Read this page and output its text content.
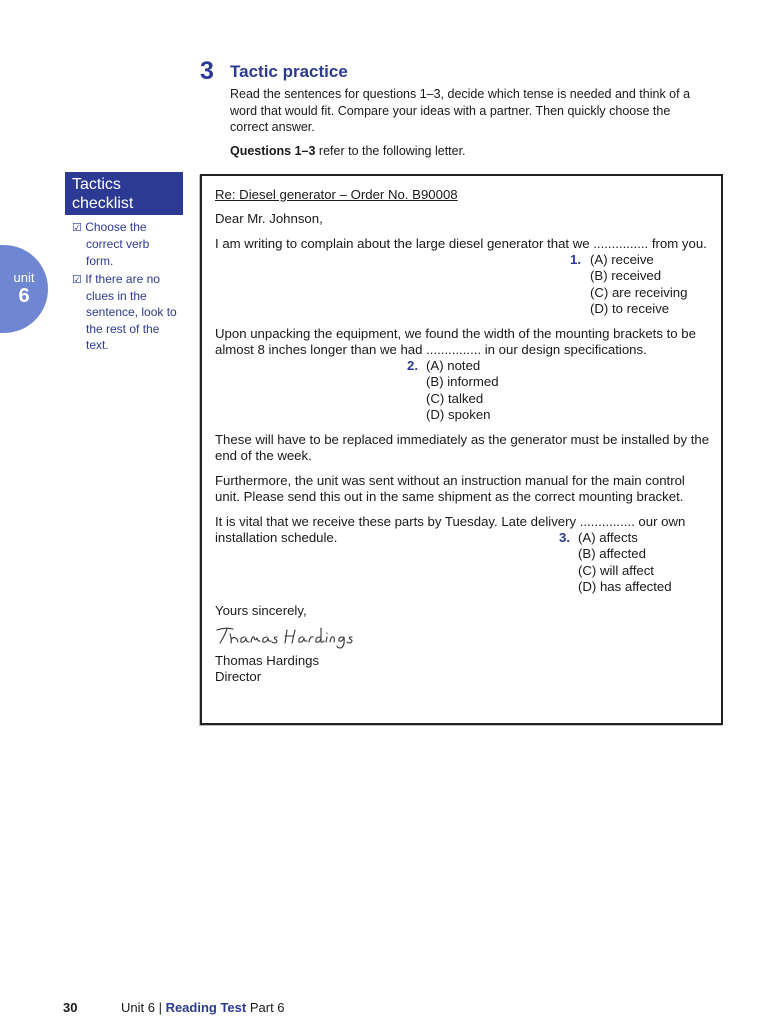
unit
6
Tactics
checklist
☑ Choose the
correct verb
form.
☑ If there are no
clues in the
sentence, look to
the rest of the
text.
3 Tactic practice
Read the sentences for questions 1–3, decide which tense is needed and think of a
word that would fit. Compare your ideas with a partner. Then quickly choose the
correct answer.
Questions 1–3 refer to the following letter.
Re: Diesel generator – Order No. B90008
Dear Mr. Johnson,
I am writing to complain about the large diesel generator that we ............... from you.
1. (A) receive
(B) received
(C) are receiving
(D) to receive
Upon unpacking the equipment, we found the width of the mounting brackets to be
almost 8 inches longer than we had ............... in our design specifications.
2. (A) noted
(B) informed
(C) talked
(D) spoken
These will have to be replaced immediately as the generator must be installed by the
end of the week.
Furthermore, the unit was sent without an instruction manual for the main control
unit. Please send this out in the same shipment as the correct mounting bracket.
It is vital that we receive these parts by Tuesday. Late delivery ............... our own
installation schedule.	3. (A) affects
(B) affected
(C) will affect
(D) has affected
Yours sincerely,
Thomas Hardings
Director
30	Unit 6 | Reading Test Part 6
